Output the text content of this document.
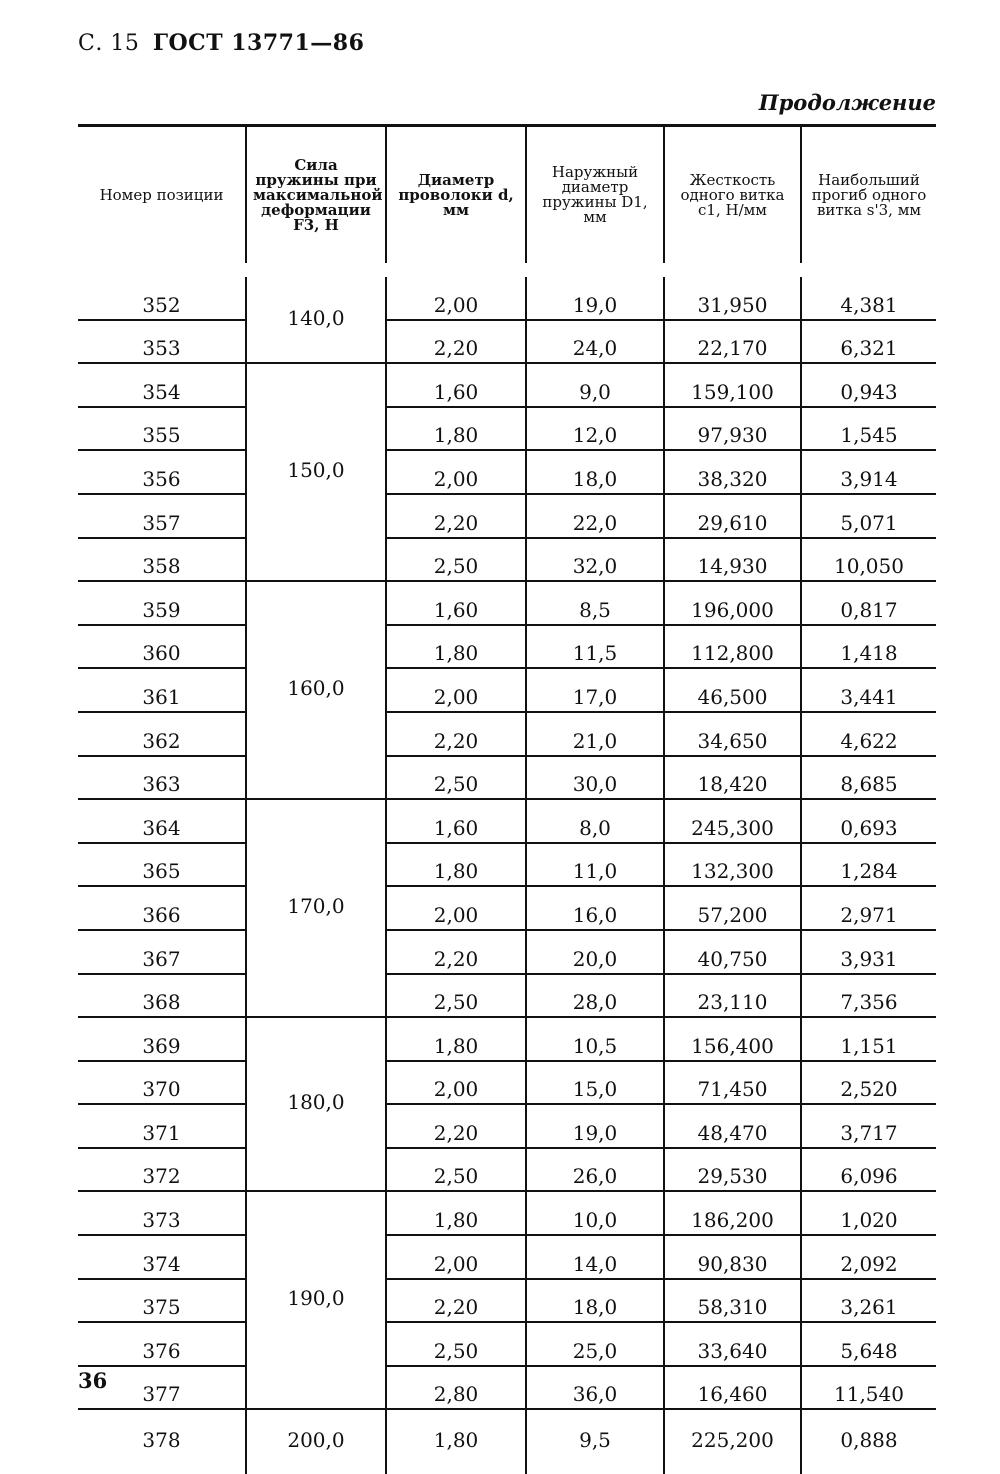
С. 15 ГОСТ 13771—86
Продолжение
Номер позиции	Сила пружины при максимальной деформации F3, Н	Диаметр проволоки d, мм	Наружный диаметр пружины D1, мм	Жесткость одного витка c1, Н/мм	Наибольший прогиб одного витка s'3, мм
352	140,0	2,00	19,0	31,950	4,381
353		2,20	24,0	22,170	6,321
354	150,0	1,60	9,0	159,100	0,943
355		1,80	12,0	97,930	1,545
356		2,00	18,0	38,320	3,914
357		2,20	22,0	29,610	5,071
358		2,50	32,0	14,930	10,050
359	160,0	1,60	8,5	196,000	0,817
360		1,80	11,5	112,800	1,418
361		2,00	17,0	46,500	3,441
362		2,20	21,0	34,650	4,622
363		2,50	30,0	18,420	8,685
364	170,0	1,60	8,0	245,300	0,693
365		1,80	11,0	132,300	1,284
366		2,00	16,0	57,200	2,971
367		2,20	20,0	40,750	3,931
368		2,50	28,0	23,110	7,356
369	180,0	1,80	10,5	156,400	1,151
370		2,00	15,0	71,450	2,520
371		2,20	19,0	48,470	3,717
372		2,50	26,0	29,530	6,096
373	190,0	1,80	10,0	186,200	1,020
374		2,00	14,0	90,830	2,092
375		2,20	18,0	58,310	3,261
376		2,50	25,0	33,640	5,648
377		2,80	36,0	16,460	11,540
378	200,0	1,80	9,5	225,200	0,888
36
